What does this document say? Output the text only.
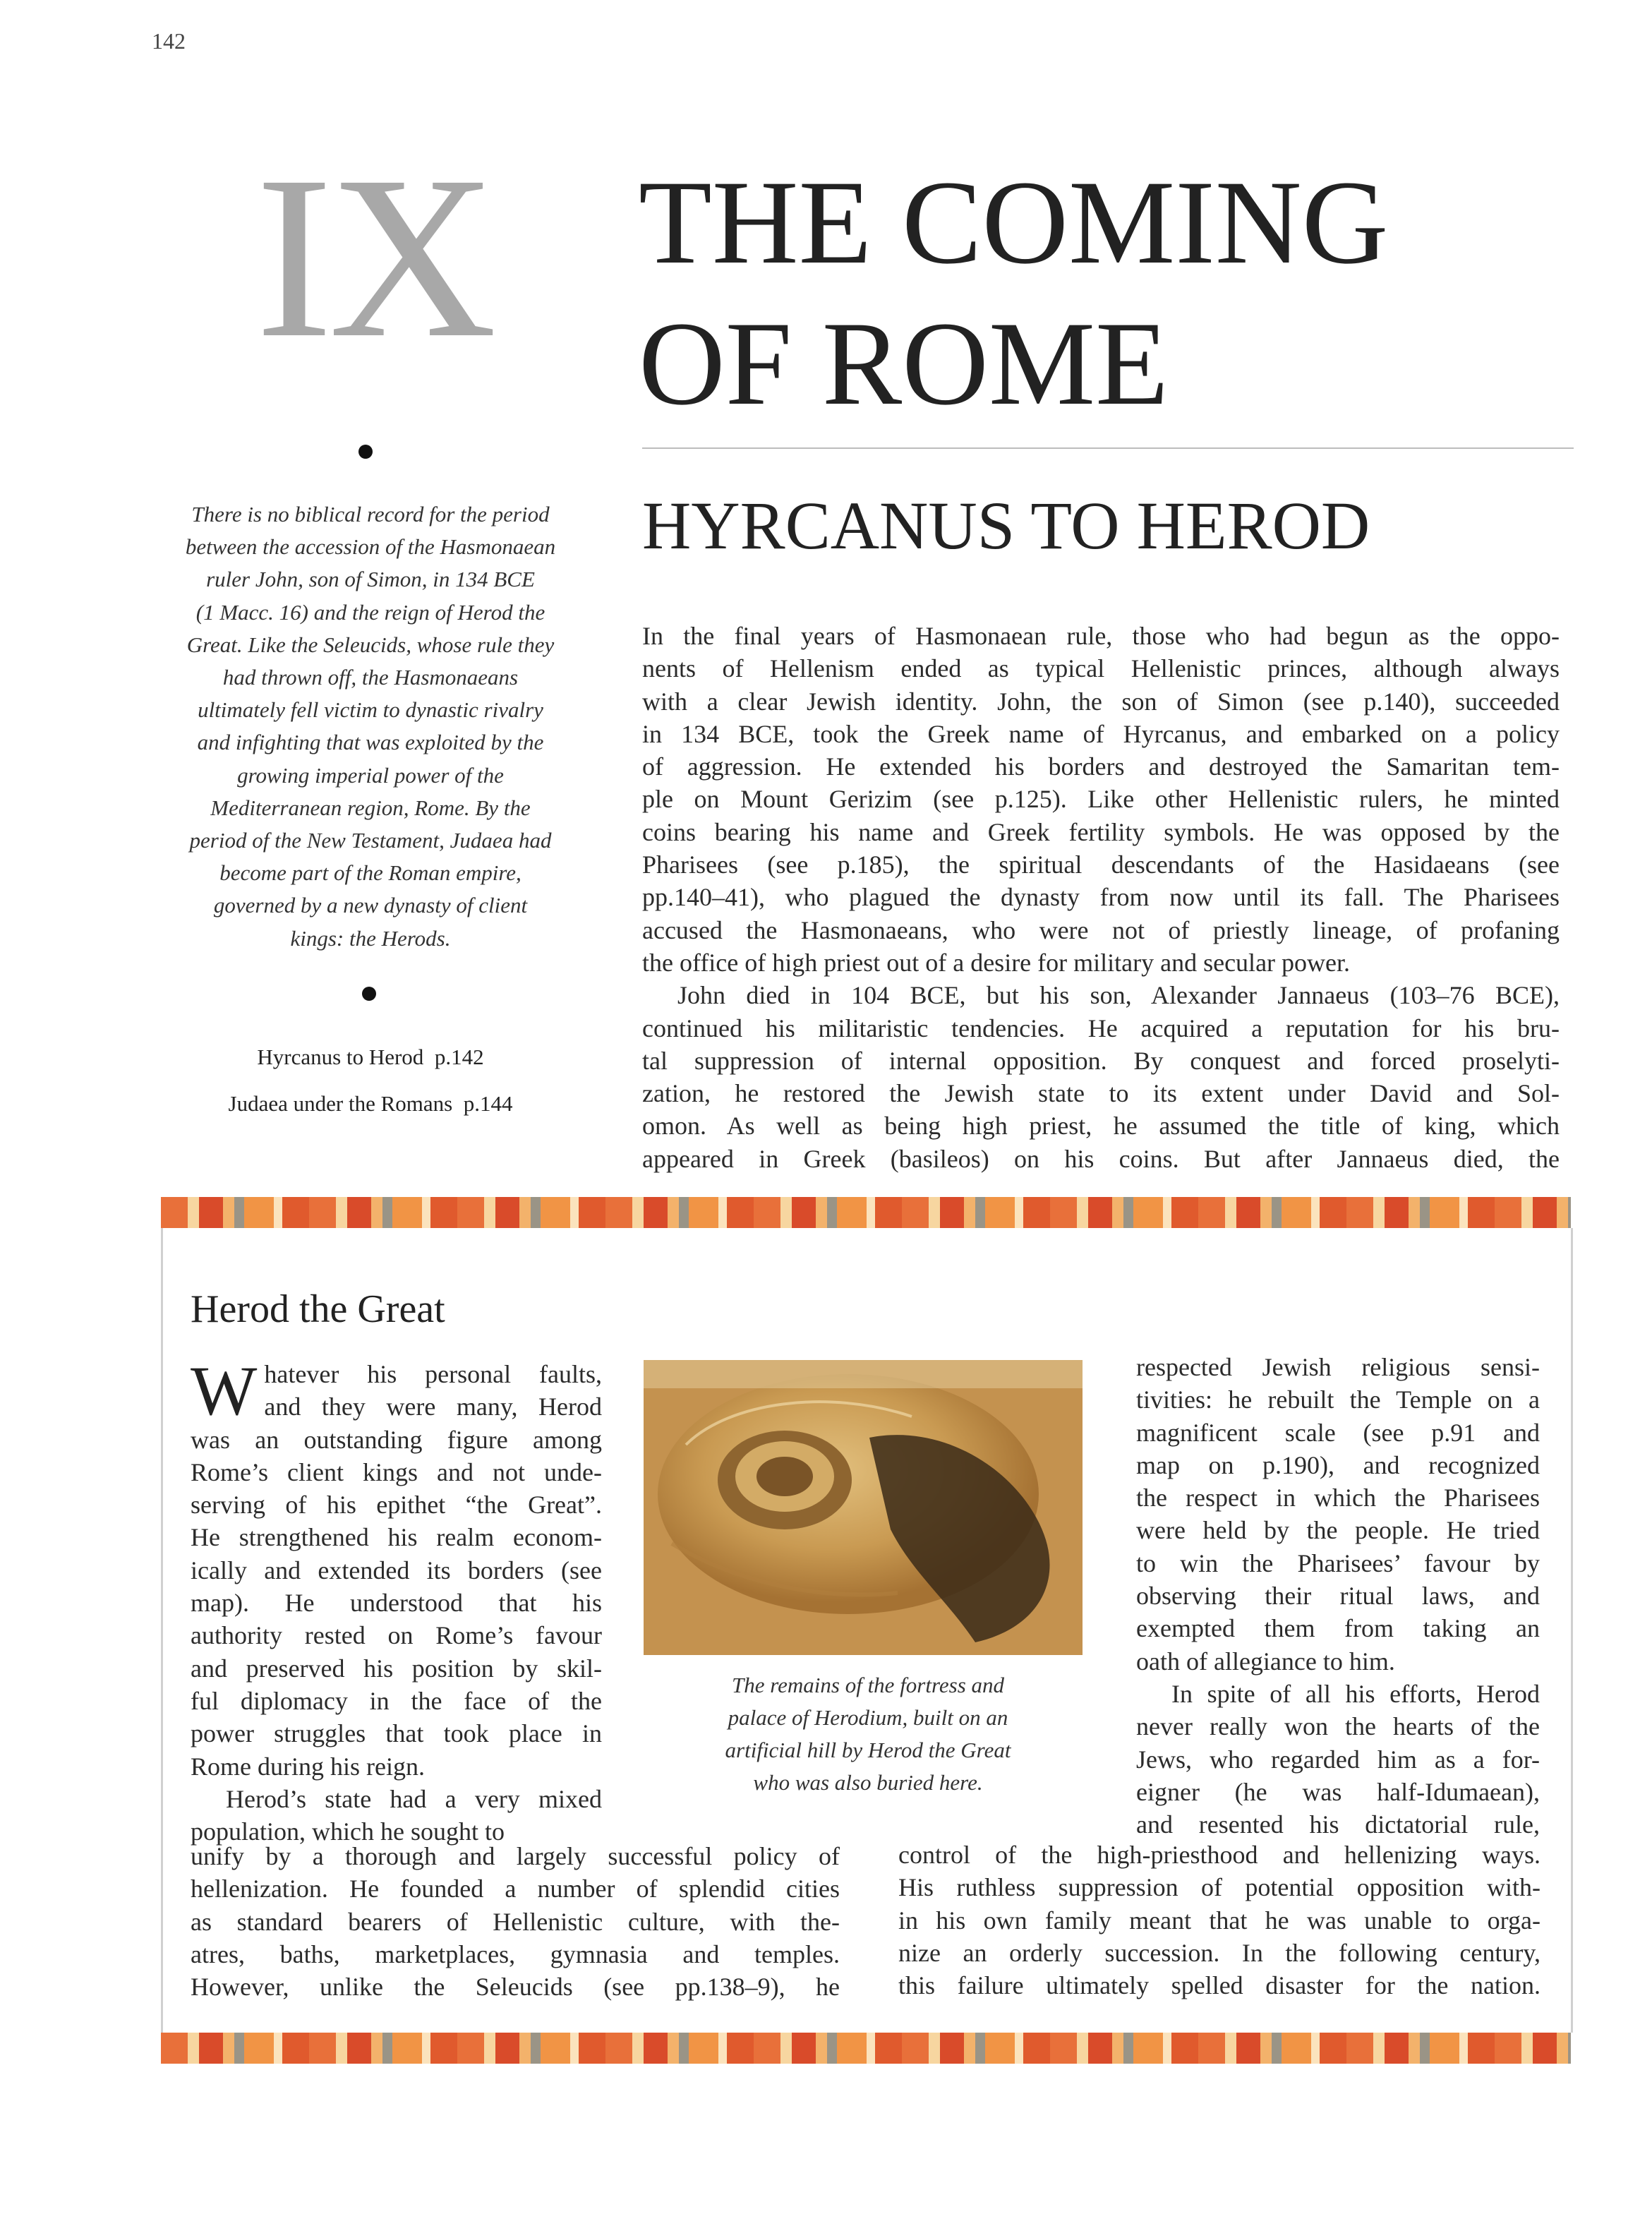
142
IX THE COMING
OF ROME
There is no biblical record for the period
between the accession of the Hasmonaean
ruler John, son of Simon, in 134 BCE
(1 Macc. 16) and the reign of Herod the
Great. Like the Seleucids, whose rule they
had thrown off, the Hasmonaeans
ultimately fell victim to dynastic rivalry
and infighting that was exploited by the
growing imperial power of the
Mediterranean region, Rome. By the
period of the New Testament, Judaea had
become part of the Roman empire,
governed by a new dynasty of client
kings: the Herods.
Hyrcanus to Herod p.142
Judaea under the Romans p.144
HYRCANUS TO HEROD
In the final years of Hasmonaean rule, those who had begun as the oppo-
nents of Hellenism ended as typical Hellenistic princes, although always
with a clear Jewish identity. John, the son of Simon (see p.140), succeeded
in 134 BCE, took the Greek name of Hyrcanus, and embarked on a policy
of aggression. He extended his borders and destroyed the Samaritan tem-
ple on Mount Gerizim (see p.125). Like other Hellenistic rulers, he minted
coins bearing his name and Greek fertility symbols. He was opposed by the
Pharisees (see p.185), the spiritual descendants of the Hasidaeans (see
pp.140–41), who plagued the dynasty from now until its fall. The Pharisees
accused the Hasmonaeans, who were not of priestly lineage, of profaning
the office of high priest out of a desire for military and secular power.
John died in 104 BCE, but his son, Alexander Jannaeus (103–76 BCE),
continued his militaristic tendencies. He acquired a reputation for his bru-
tal suppression of internal opposition. By conquest and forced proselyti-
zation, he restored the Jewish state to its extent under David and Sol-
omon. As well as being high priest, he assumed the title of king, which
appeared in Greek (basileos) on his coins. But after Jannaeus died, the
Herod the Great
W hatever his personal faults,
and they were many, Herod
was an outstanding figure among
Rome’s client kings and not unde-
serving of his epithet “the Great”.
He strengthened his realm econom-
ically and extended its borders (see
map). He understood that his
authority rested on Rome’s favour
and preserved his position by skil-
ful diplomacy in the face of the
power struggles that took place in
Rome during his reign.
Herod’s state had a very mixed
population, which he sought to
The remains of the fortress and
palace of Herodium, built on an
artificial hill by Herod the Great
who was also buried here.
respected Jewish religious sensi-
tivities: he rebuilt the Temple on a
magnificent scale (see p.91 and
map on p.190), and recognized
the respect in which the Pharisees
were held by the people. He tried
to win the Pharisees’ favour by
observing their ritual laws, and
exempted them from taking an
oath of allegiance to him.
In spite of all his efforts, Herod
never really won the hearts of the
Jews, who regarded him as a for-
eigner (he was half-Idumaean),
and resented his dictatorial rule,
unify by a thorough and largely successful policy of
hellenization. He founded a number of splendid cities
as standard bearers of Hellenistic culture, with the-
atres, baths, marketplaces, gymnasia and temples.
However, unlike the Seleucids (see pp.138–9), he
control of the high-priesthood and hellenizing ways.
His ruthless suppression of potential opposition with-
in his own family meant that he was unable to orga-
nize an orderly succession. In the following century,
this failure ultimately spelled disaster for the nation.
